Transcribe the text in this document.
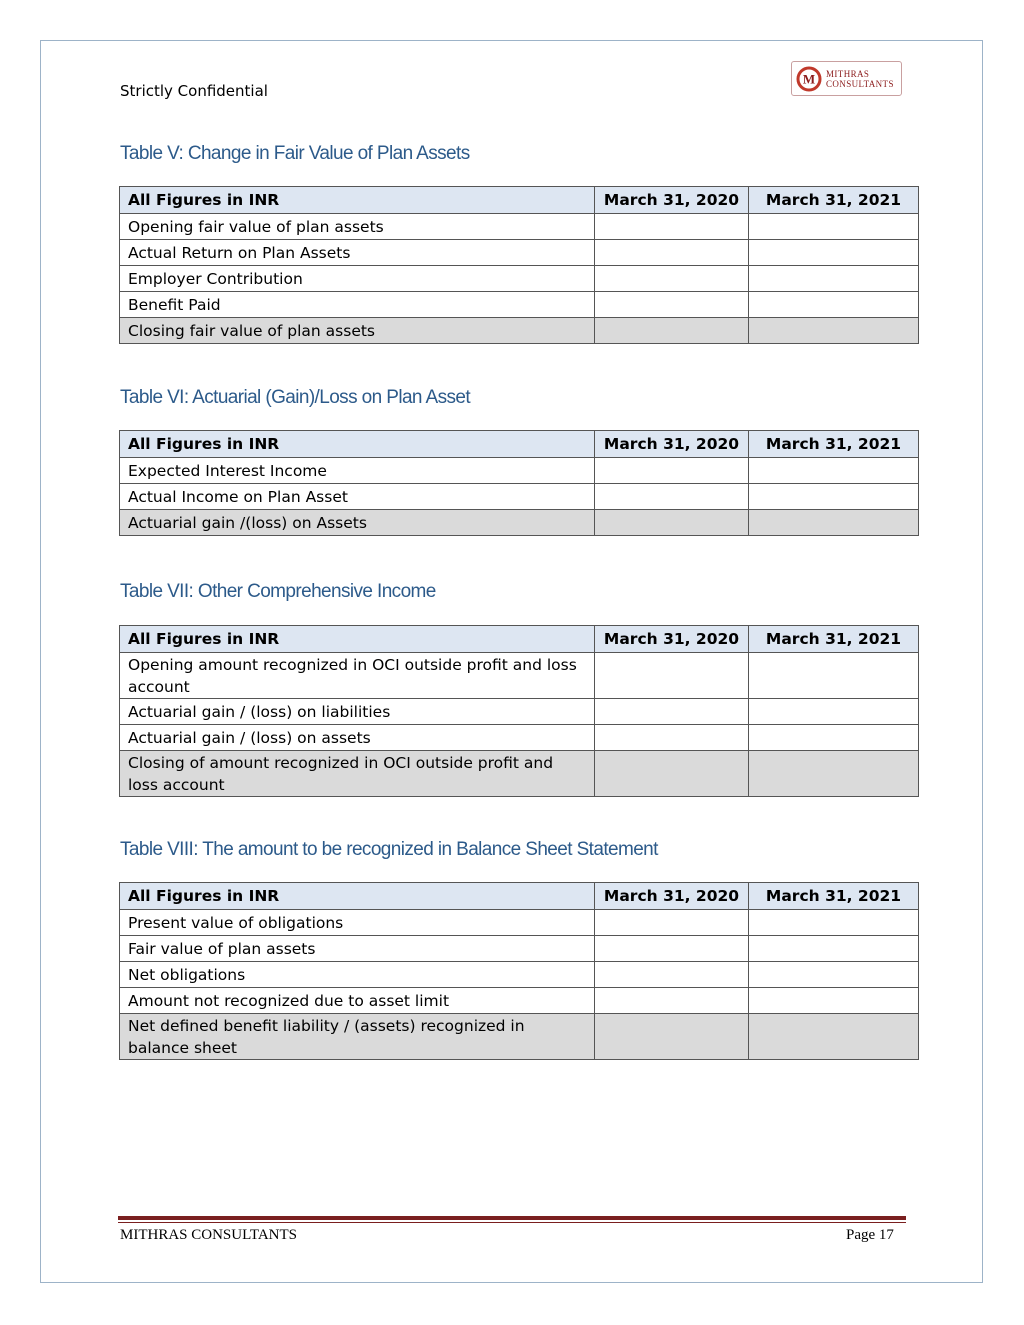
Strictly Confidential
M MITHRAS
CONSULTANTS
Table V: Change in Fair Value of Plan Assets
All Figures in INR	March 31, 2020	March 31, 2021
Opening fair value of plan assets		
Actual Return on Plan Assets		
Employer Contribution		
Benefit Paid		
Closing fair value of plan assets		
Table VI: Actuarial (Gain)/Loss on Plan Asset
All Figures in INR	March 31, 2020	March 31, 2021
Expected Interest Income		
Actual Income on Plan Asset		
Actuarial gain /(loss) on Assets		
Table VII: Other Comprehensive Income
All Figures in INR	March 31, 2020	March 31, 2021
Opening amount recognized in OCI outside profit and loss account		
Actuarial gain / (loss) on liabilities		
Actuarial gain / (loss) on assets		
Closing of amount recognized in OCI outside profit and loss account		
Table VIII: The amount to be recognized in Balance Sheet Statement
All Figures in INR	March 31, 2020	March 31, 2021
Present value of obligations		
Fair value of plan assets		
Net obligations		
Amount not recognized due to asset limit		
Net defined benefit liability / (assets) recognized in balance sheet		
MITHRAS CONSULTANTS	Page 17
